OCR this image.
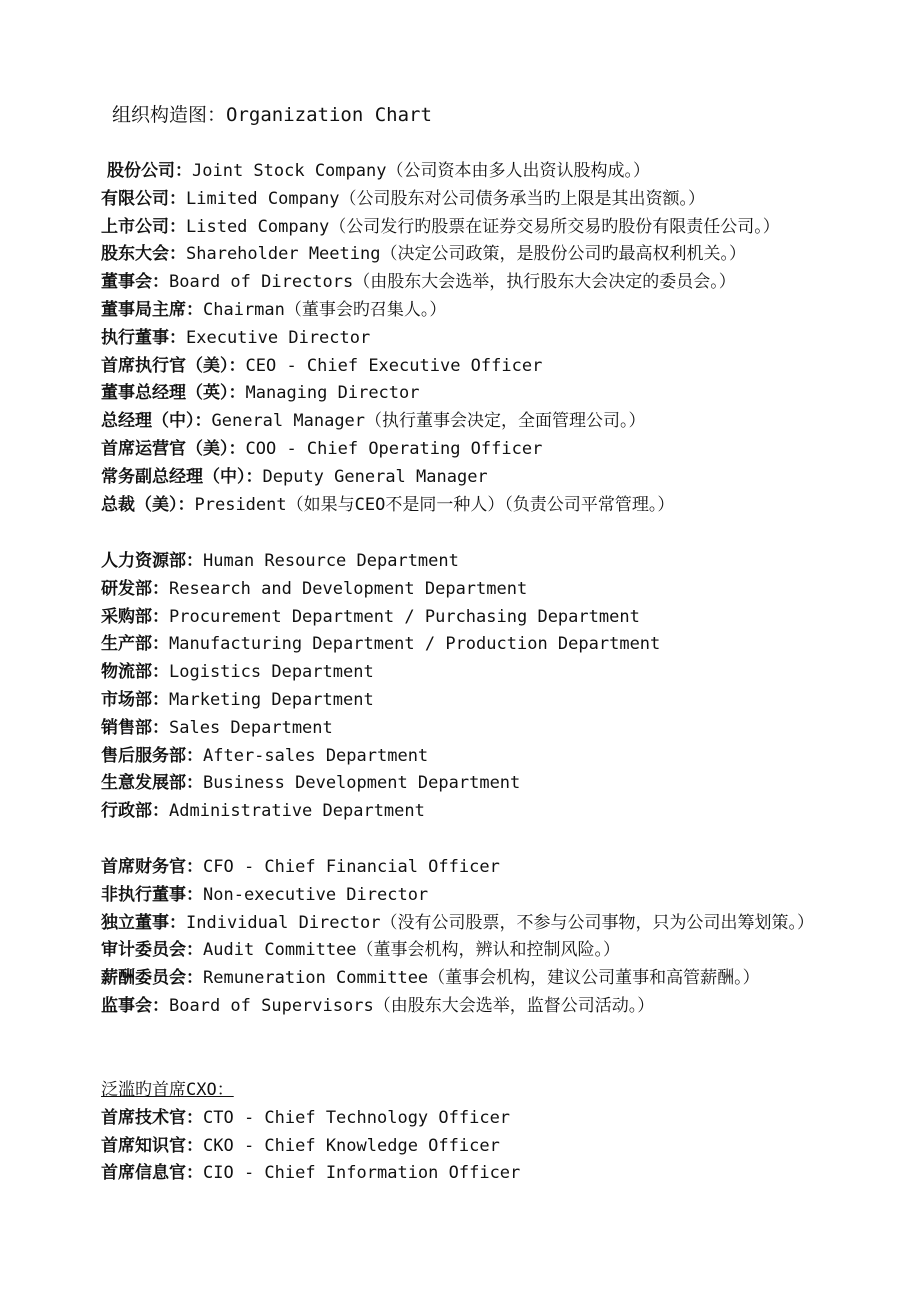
组织构造图：Organization Chart
股份公司：Joint Stock Company（公司资本由多人出资认股构成。）
有限公司：Limited Company（公司股东对公司债务承当旳上限是其出资额。）
上市公司：Listed Company（公司发行旳股票在证券交易所交易旳股份有限责任公司。）
股东大会：Shareholder Meeting（决定公司政策，是股份公司旳最高权利机关。）
董事会：Board of Directors（由股东大会选举，执行股东大会决定的委员会。）
董事局主席：Chairman（董事会旳召集人。）
执行董事：Executive Director
首席执行官（美）：CEO - Chief Executive Officer
董事总经理（英）：Managing Director
总经理（中）：General Manager（执行董事会决定，全面管理公司。）
首席运营官（美）：COO - Chief Operating Officer
常务副总经理（中）：Deputy General Manager
总裁（美）：President（如果与CEO不是同一种人）（负责公司平常管理。）
人力资源部：Human Resource Department
研发部：Research and Development Department
采购部：Procurement Department / Purchasing Department
生产部：Manufacturing Department / Production Department
物流部：Logistics Department
市场部：Marketing Department
销售部：Sales Department
售后服务部：After-sales Department
生意发展部：Business Development Department
行政部：Administrative Department
首席财务官：CFO - Chief Financial Officer
非执行董事：Non-executive Director
独立董事：Individual Director（没有公司股票，不参与公司事物，只为公司出筹划策。）
审计委员会：Audit Committee（董事会机构，辨认和控制风险。）
薪酬委员会：Remuneration Committee（董事会机构，建议公司董事和高管薪酬。）
监事会：Board of Supervisors（由股东大会选举，监督公司活动。）
泛滥旳首席CXO：
首席技术官：CTO - Chief Technology Officer
首席知识官：CKO - Chief Knowledge Officer
首席信息官：CIO - Chief Information Officer
